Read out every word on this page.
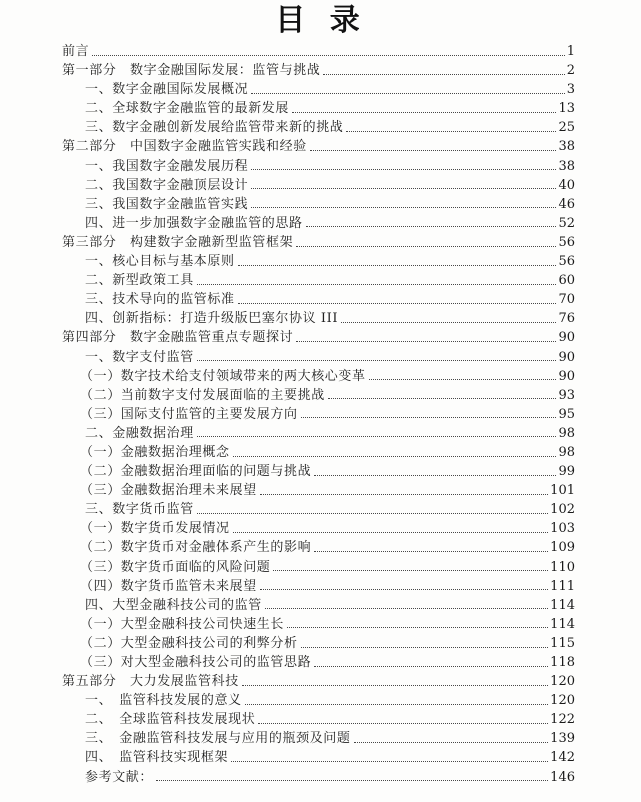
目 录
前言	1
第一部分　数字金融国际发展：监管与挑战	2
一、数字金融国际发展概况	3
二、全球数字金融监管的最新发展	13
三、数字金融创新发展给监管带来新的挑战	25
第二部分　中国数字金融监管实践和经验	38
一、我国数字金融发展历程	38
二、我国数字金融顶层设计	40
三、我国数字金融监管实践	46
四、进一步加强数字金融监管的思路	52
第三部分　构建数字金融新型监管框架	56
一、核心目标与基本原则	56
二、新型政策工具	60
三、技术导向的监管标准	70
四、创新指标：打造升级版巴塞尔协议 III	76
第四部分　数字金融监管重点专题探讨	90
一、数字支付监管	90
（一）数字技术给支付领域带来的两大核心变革	90
（二）当前数字支付发展面临的主要挑战	93
（三）国际支付监管的主要发展方向	95
二、金融数据治理	98
（一）金融数据治理概念	98
（二）金融数据治理面临的问题与挑战	99
（三）金融数据治理未来展望	101
三、数字货币监管	102
（一）数字货币发展情况	103
（二）数字货币对金融体系产生的影响	109
（三）数字货币面临的风险问题	110
（四）数字货币监管未来展望	111
四、大型金融科技公司的监管	114
（一）大型金融科技公司快速生长	114
（二）大型金融科技公司的利弊分析	115
（三）对大型金融科技公司的监管思路	118
第五部分　大力发展监管科技	120
一、　监管科技发展的意义	120
二、　全球监管科技发展现状	122
三、　金融监管科技发展与应用的瓶颈及问题	139
四、　监管科技实现框架	142
参考文献：	146
